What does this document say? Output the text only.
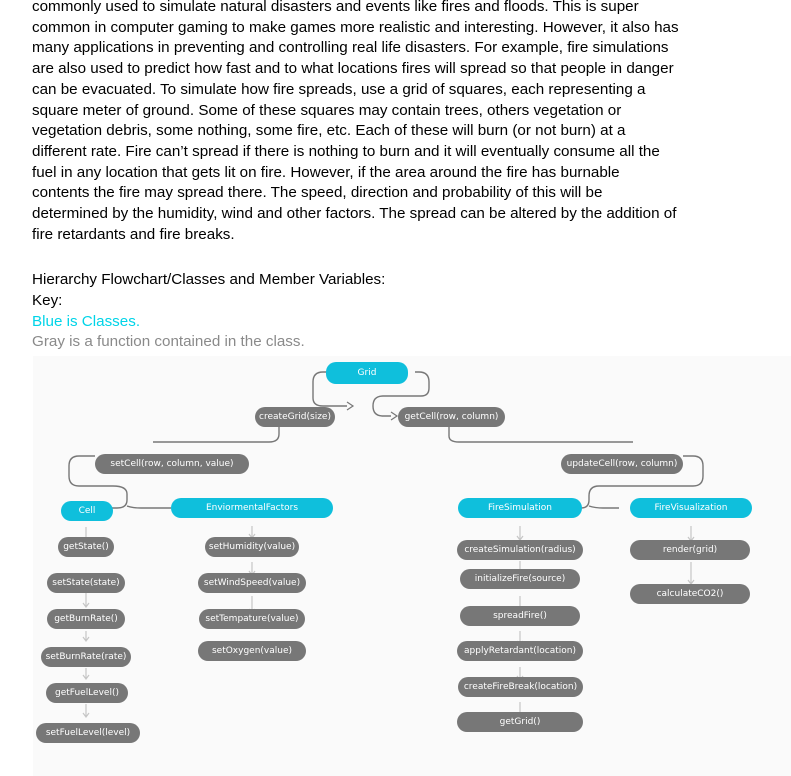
commonly used to simulate natural disasters and events like fires and floods. This is super
common in computer gaming to make games more realistic and interesting. However, it also has
many applications in preventing and controlling real life disasters. For example, fire simulations
are also used to predict how fast and to what locations fires will spread so that people in danger
can be evacuated. To simulate how fire spreads, use a grid of squares, each representing a
square meter of ground. Some of these squares may contain trees, others vegetation or
vegetation debris, some nothing, some fire, etc. Each of these will burn (or not burn) at a
different rate. Fire can’t spread if there is nothing to burn and it will eventually consume all the
fuel in any location that gets lit on fire. However, if the area around the fire has burnable
contents the fire may spread there. The speed, direction and probability of this will be
determined by the humidity, wind and other factors. The spread can be altered by the addition of
fire retardants and fire breaks.

Hierarchy Flowchart/Classes and Member Variables:
Key:
Blue is Classes.
Gray is a function contained in the class.
Grid
createGrid(size)	getCell(row, column)
setCell(row, column, value)	updateCell(row, column)
Cell	EnviormentalFactors	FireSimulation	FireVisualization
getState()
setState(state)
getBurnRate()
setBurnRate(rate)
getFuelLevel()
setFuelLevel(level)
setHumidity(value)
setWindSpeed(value)
setTempature(value)
setOxygen(value)
createSimulation(radius)
initializeFire(source)
spreadFire()
applyRetardant(location)
createFireBreak(location)
getGrid()
render(grid)
calculateCO2()
